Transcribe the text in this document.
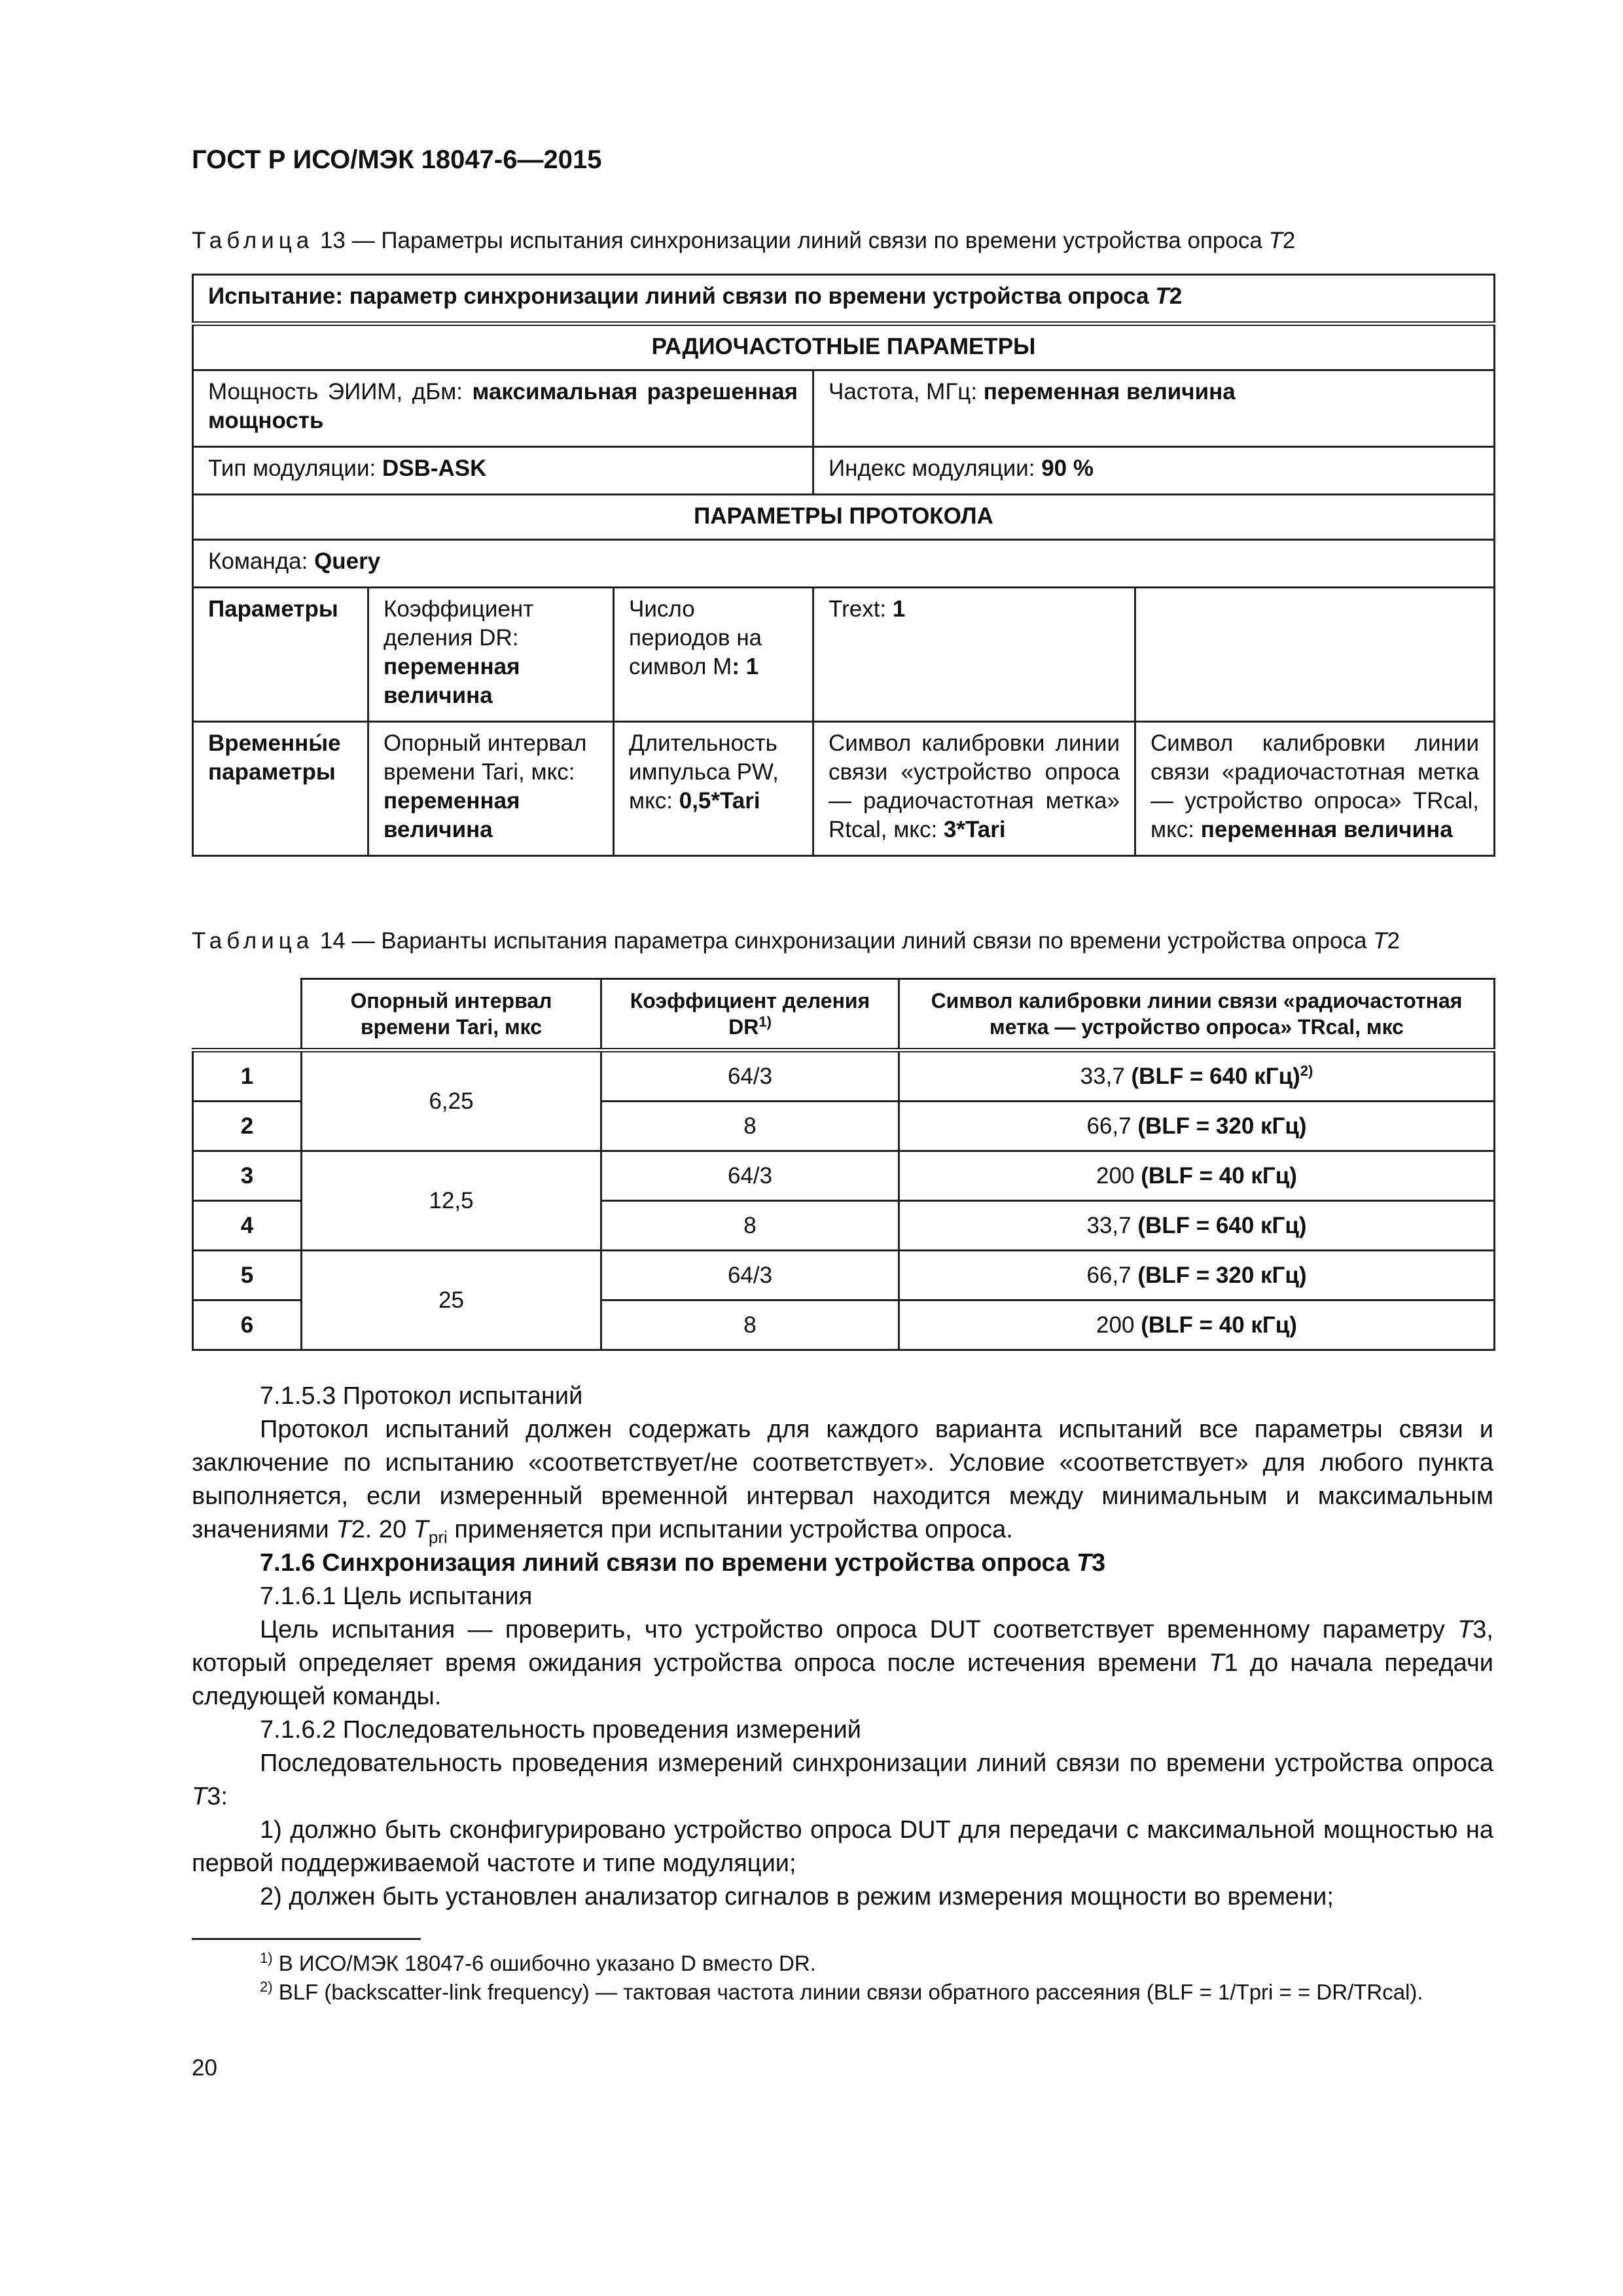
ГОСТ Р ИСО/МЭК 18047-6—2015
Таблица 13 — Параметры испытания синхронизации линий связи по времени устройства опроса T2
Испытание: параметр синхронизации линий связи по времени устройства опроса T2				
РАДИОЧАСТОТНЫЕ ПАРАМЕТРЫ				
Мощность ЭИИМ, дБм: максимальная разрешенная мощность			Частота, МГц: переменная величина	
Тип модуляции: DSB-ASK			Индекс модуляции: 90 %	
ПАРАМЕТРЫ ПРОТОКОЛА				
Команда: Query				
Параметры	Коэффициент деления DR: переменная величина	Число периодов на символ M: 1	Trext: 1	
Временны́е параметры	Опорный интервал времени Tari, мкс: переменная величина	Длительность импульса PW, мкс: 0,5*Tari	Символ калибровки линии связи «устройство опроса — радиочастотная метка» Rtcal, мкс: 3*Tari	Символ калибровки линии связи «радиочастотная метка — устройство опроса» TRcal, мкс: переменная величина
Таблица 14 — Варианты испытания параметра синхронизации линий связи по времени устройства опроса T2
	Опорный интервал времени Tari, мкс	Коэффициент деления DR$^{1)}$	Символ калибровки линии связи «радиочастотная метка — устройство опроса» TRcal, мкс
1	6,25	64/3	33,7 (BLF = 640 кГц)$^{2)}$
2		8	66,7 (BLF = 320 кГц)
3	12,5	64/3	200 (BLF = 40 кГц)
4		8	33,7 (BLF = 640 кГц)
5	25	64/3	66,7 (BLF = 320 кГц)
6		8	200 (BLF = 40 кГц)
7.1.5.3 Протокол испытаний
Протокол испытаний должен содержать для каждого варианта испытаний все параметры связи и заключение по испытанию «соответствует/не соответствует». Условие «соответствует» для любого пункта выполняется, если измеренный временной интервал находится между минимальным и максимальным значениями T2. 20 $T_{pri}$ применяется при испытании устройства опроса.
7.1.6 Синхронизация линий связи по времени устройства опроса T3
7.1.6.1 Цель испытания
Цель испытания — проверить, что устройство опроса DUT соответствует временному параметру T3, который определяет время ожидания устройства опроса после истечения времени T1 до начала передачи следующей команды.
7.1.6.2 Последовательность проведения измерений
Последовательность проведения измерений синхронизации линий связи по времени устройства опроса T3:
1) должно быть сконфигурировано устройство опроса DUT для передачи с максимальной мощностью на первой поддерживаемой частоте и типе модуляции;
2) должен быть установлен анализатор сигналов в режим измерения мощности во времени;
$^{1)}$ В ИСО/МЭК 18047-6 ошибочно указано D вместо DR.
$^{2)}$ BLF (backscatter-link frequency) — тактовая частота линии связи обратного рассеяния (BLF = 1/Tpri = = DR/TRcal).
20
